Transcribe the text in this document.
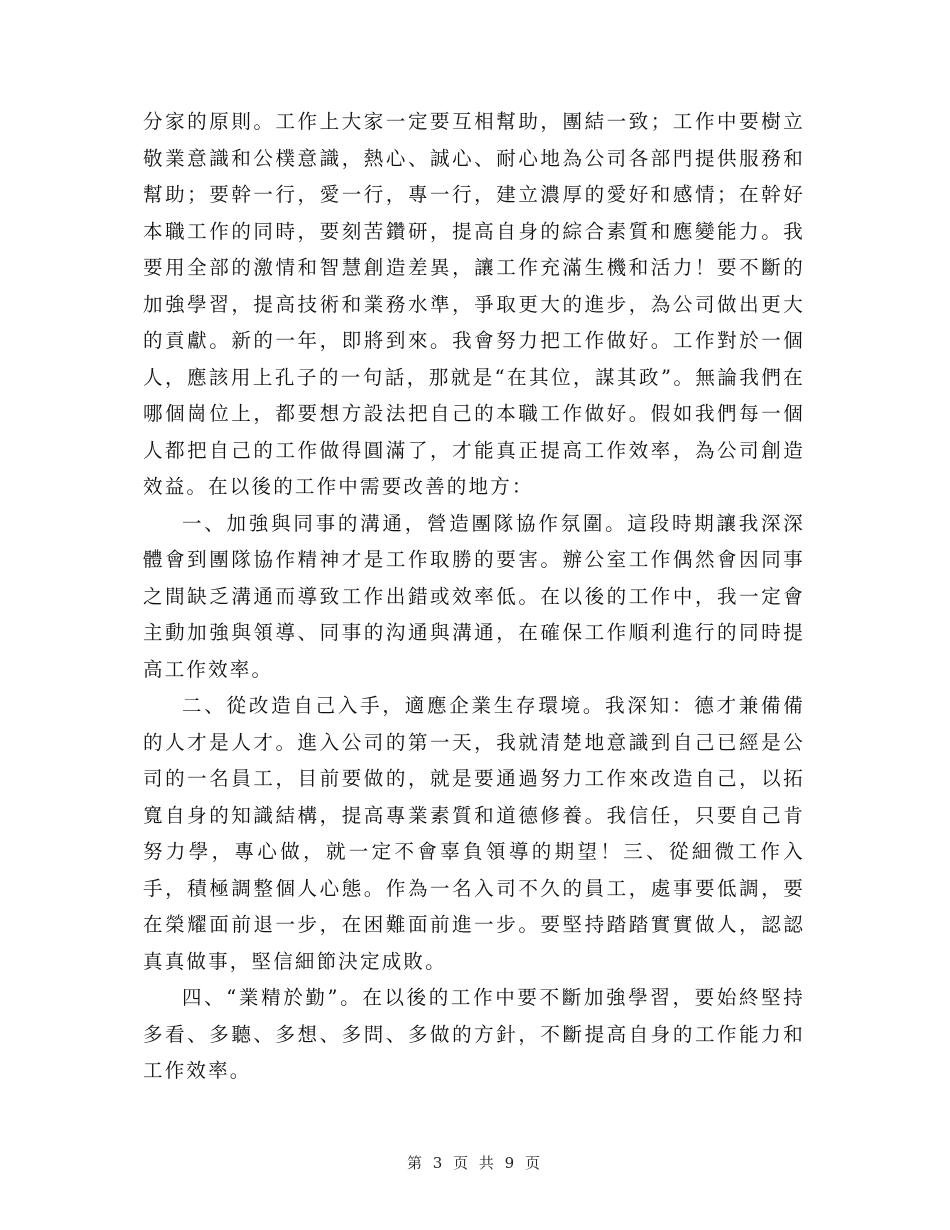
分家的原則。工作上大家一定要互相幫助，團結一致；工作中要樹立敬業意識和公樸意識，熱心、誠心、耐心地為公司各部門提供服務和幫助；要幹一行，愛一行，專一行，建立濃厚的愛好和感情；在幹好本職工作的同時，要刻苦鑽研，提高自身的綜合素質和應變能力。我要用全部的激情和智慧創造差異，讓工作充滿生機和活力！要不斷的加強學習，提高技術和業務水準，爭取更大的進步，為公司做出更大的貢獻。新的一年，即將到來。我會努力把工作做好。工作對於一個人，應該用上孔子的一句話，那就是“在其位，謀其政”。無論我們在哪個崗位上，都要想方設法把自己的本職工作做好。假如我們每一個人都把自己的工作做得圓滿了，才能真正提高工作效率，為公司創造效益。在以後的工作中需要改善的地方：

一、加強與同事的溝通，營造團隊協作氛圍。這段時期讓我深深體會到團隊協作精神才是工作取勝的要害。辦公室工作偶然會因同事之間缺乏溝通而導致工作出錯或效率低。在以後的工作中，我一定會主動加強與領導、同事的沟通與溝通，在確保工作順利進行的同時提高工作效率。

二、從改造自己入手，適應企業生存環境。我深知：德才兼備備的人才是人才。進入公司的第一天，我就清楚地意識到自己已經是公司的一名員工，目前要做的，就是要通過努力工作來改造自己，以拓寬自身的知識結構，提高專業素質和道德修養。我信任，只要自己肯努力學，專心做，就一定不會辜負領導的期望！三、從細微工作入手，積極調整個人心態。作為一名入司不久的員工，處事要低調，要在榮耀面前退一步，在困難面前進一步。要堅持踏踏實實做人，認認真真做事，堅信細節決定成敗。

四、“業精於勤”。在以後的工作中要不斷加強學習，要始終堅持多看、多聽、多想、多問、多做的方針，不斷提高自身的工作能力和工作效率。

第 3 页 共 9 页
